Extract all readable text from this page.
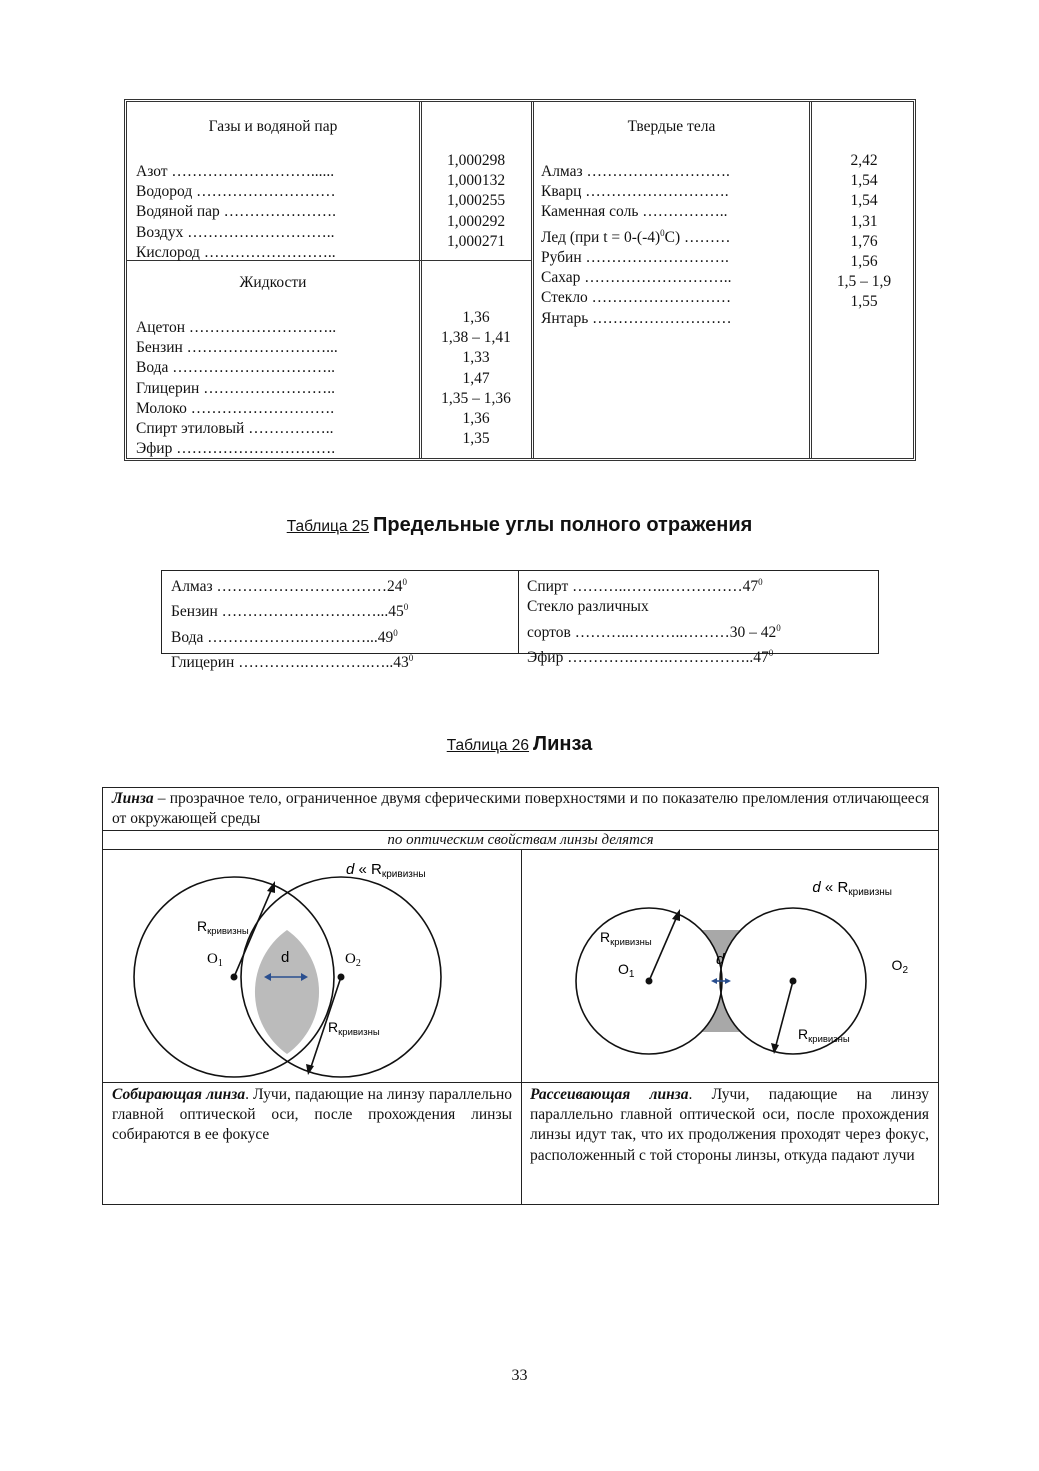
Газы и водяной пар
Азот ………………………......
Водород ………………………
Водяной пар ………………….
Воздух ………………………..
Кислород ……………………..
1,000298
1,000132
1,000255
1,000292
1,000271
Жидкости
Ацетон ………………………..
Бензин ………………………...
Вода …………………………..
Глицерин ……………………..
Молоко ……………………….
Спирт этиловый ……………..
Эфир ………………………….
1,36
1,38 – 1,41
1,33
1,47
1,35 – 1,36
1,36
1,35
Твердые тела
Алмаз ……………………….
Кварц ……………………….
Каменная соль ……………..
Лед (при $t = 0-(-4)^0C$) ………
Рубин ……………………….
Сахар ………………………..
Стекло ………………………
Янтарь ………………………
2,42
1,54
1,54
1,31
1,76
1,56
1,5 – 1,9
1,55
Таблица 25 Предельные углы полного отражения
Алмаз $\dots\dots\dots\dots\dots\dots\dots\dots\dots\dots\dots 24^0$
Бензин …………………………...45$^0$
Вода ……………….…………...49$^0$
Глицерин ………….………….…..43$^0$
Спирт $\dots\dots\dots..\dots\dots..\dots\dots\dots\dots\dots 47^0$
Стекло различных
сортов ………..………..………30 – $42^0$
Эфир ………….…….……………..47$^0$
Таблица 26 Линза
Линза – прозрачное тело, ограниченное двумя сферическими поверхностями и по показателю преломления отличающееся от окружающей среды
по оптическим свойствам линзы делятся
d « $R_{кривизны}$
$R_{кривизны}$
$O_1$	$O_2$
d
$R_{кривизны}$
d « $R_{кривизны}$
$R_{кривизны}$
$O_1$
$O_2$
d
$R_{кривизны}$
Собирающая линза. Лучи, падающие на линзу параллельно главной оптической оси, после прохождения линзы собираются в ее фокусе
Рассеивающая линза. Лучи, падающие на линзу параллельно главной оптической оси, после прохождения линзы идут так, что их продолжения проходят через фокус, расположенный с той стороны линзы, откуда падают лучи
33
